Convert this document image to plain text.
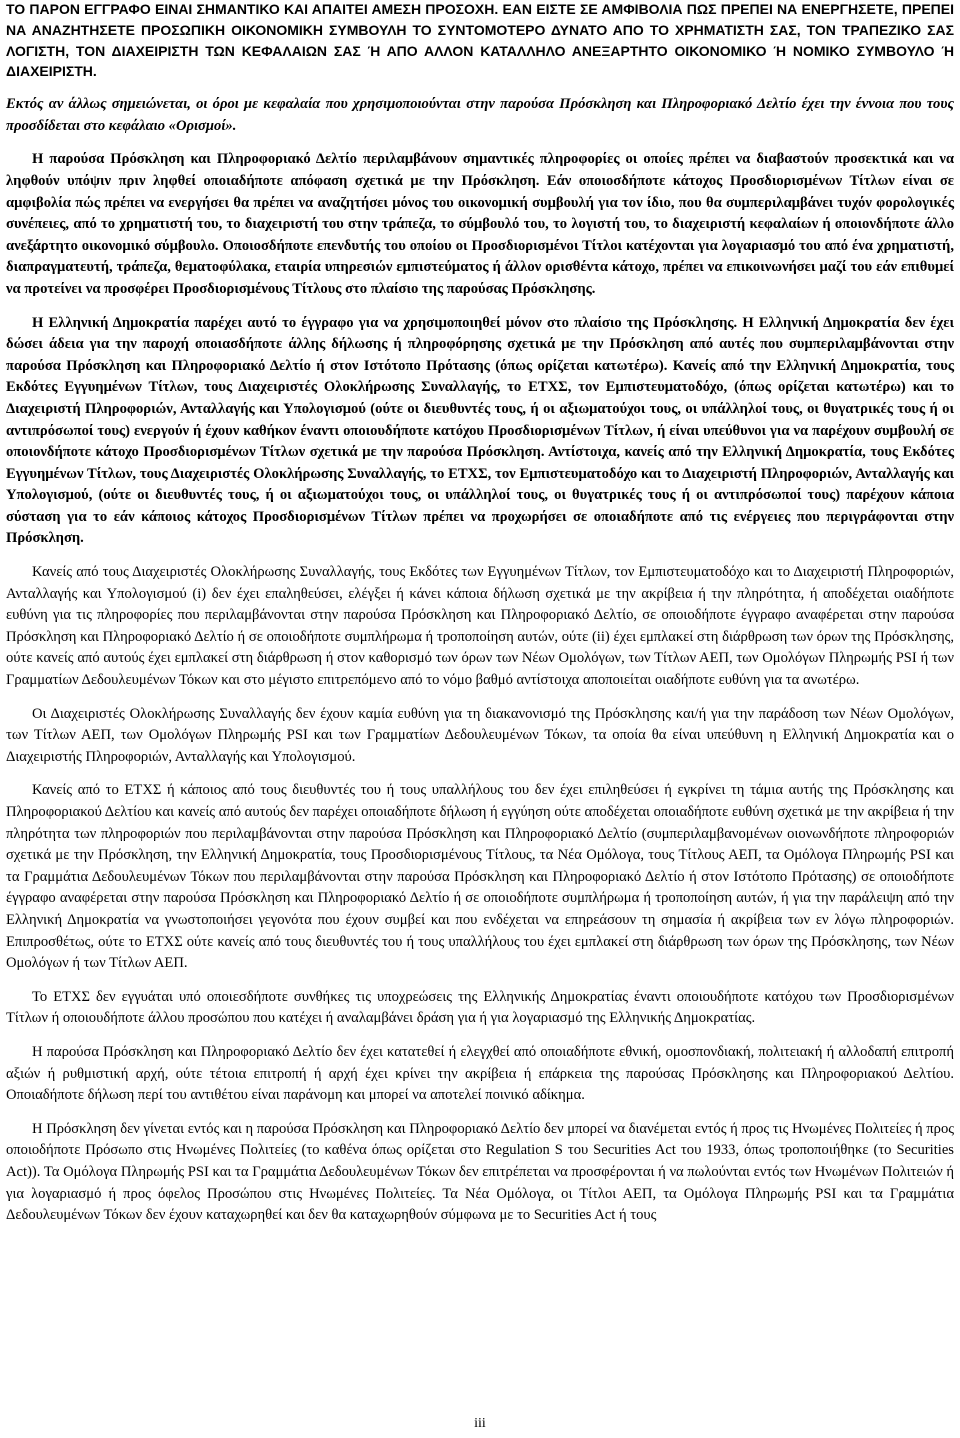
ΤΟ ΠΑΡΟΝ ΕΓΓΡΑΦΟ ΕΙΝΑΙ ΣΗΜΑΝΤΙΚΟ ΚΑΙ ΑΠΑΙΤΕΙ ΑΜΕΣΗ ΠΡΟΣΟΧΗ. ΕΑΝ ΕΙΣΤΕ ΣΕ ΑΜΦΙΒΟΛΙΑ ΠΩΣ ΠΡΕΠΕΙ ΝΑ ΕΝΕΡΓΗΣΕΤΕ, ΠΡΕΠΕΙ ΝΑ ΑΝΑΖΗΤΗΣΕΤΕ ΠΡΟΣΩΠΙΚΗ ΟΙΚΟΝΟΜΙΚΗ ΣΥΜΒΟΥΛΗ ΤΟ ΣΥΝΤΟΜΟΤΕΡΟ ΔΥΝΑΤΟ ΑΠΟ ΤΟ ΧΡΗΜΑΤΙΣΤΗ ΣΑΣ, ΤΟΝ ΤΡΑΠΕΖΙΚΟ ΣΑΣ ΛΟΓΙΣΤΗ, ΤΟΝ ΔΙΑΧΕΙΡΙΣΤΗ ΤΩΝ ΚΕΦΑΛΑΙΩΝ ΣΑΣ Ή ΑΠΟ ΑΛΛΟΝ ΚΑΤΑΛΛΗΛΟ ΑΝΕΞΑΡΤΗΤΟ ΟΙΚΟΝΟΜΙΚΟ Ή ΝΟΜΙΚΟ ΣΥΜΒΟΥΛΟ Ή ΔΙΑΧΕΙΡΙΣΤΗ.

Εκτός αν άλλως σημειώνεται, οι όροι με κεφαλαία που χρησιμοποιούνται στην παρούσα Πρόσκληση και Πληροφοριακό Δελτίο έχει την έννοια που τους προσδίδεται στο κεφάλαιο «Ορισμοί».

Η παρούσα Πρόσκληση και Πληροφοριακό Δελτίο περιλαμβάνουν σημαντικές πληροφορίες οι οποίες πρέπει να διαβαστούν προσεκτικά και να ληφθούν υπόψιν πριν ληφθεί οποιαδήποτε απόφαση σχετικά με την Πρόσκληση. Εάν οποιοσδήποτε κάτοχος Προσδιορισμένων Τίτλων είναι σε αμφιβολία πώς πρέπει να ενεργήσει θα πρέπει να αναζητήσει μόνος του οικονομική συμβουλή για τον ίδιο, που θα συμπεριλαμβάνει τυχόν φορολογικές συνέπειες, από το χρηματιστή του, το διαχειριστή του στην τράπεζα, το σύμβουλό του, το λογιστή του, το διαχειριστή κεφαλαίων ή οποιονδήποτε άλλο ανεξάρτητο οικονομικό σύμβουλο. Οποιοσδήποτε επενδυτής του οποίου οι Προσδιορισμένοι Τίτλοι κατέχονται για λογαριασμό του από ένα χρηματιστή, διαπραγματευτή, τράπεζα, θεματοφύλακα, εταιρία υπηρεσιών εμπιστεύματος ή άλλον ορισθέντα κάτοχο, πρέπει να επικοινωνήσει μαζί του εάν επιθυμεί να προτείνει να προσφέρει Προσδιορισμένους Τίτλους στο πλαίσιο της παρούσας Πρόσκλησης.

Η Ελληνική Δημοκρατία παρέχει αυτό το έγγραφο για να χρησιμοποιηθεί μόνον στο πλαίσιο της Πρόσκλησης. Η Ελληνική Δημοκρατία δεν έχει δώσει άδεια για την παροχή οποιασδήποτε άλλης δήλωσης ή πληροφόρησης σχετικά με την Πρόσκληση από αυτές που συμπεριλαμβάνονται στην παρούσα Πρόσκληση και Πληροφοριακό Δελτίο ή στον Ιστότοπο Πρότασης (όπως ορίζεται κατωτέρω). Κανείς από την Ελληνική Δημοκρατία, τους Εκδότες Εγγυημένων Τίτλων, τους Διαχειριστές Ολοκλήρωσης Συναλλαγής, το ΕΤΧΣ, τον Εμπιστευματοδόχο, (όπως ορίζεται κατωτέρω) και το Διαχειριστή Πληροφοριών, Ανταλλαγής και Υπολογισμού (ούτε οι διευθυντές τους, ή οι αξιωματούχοι τους, οι υπάλληλοί τους, οι θυγατρικές τους ή οι αντιπρόσωποί τους) ενεργούν ή έχουν καθήκον έναντι οποιουδήποτε κατόχου Προσδιορισμένων Τίτλων, ή είναι υπεύθυνοι για να παρέχουν συμβουλή σε οποιονδήποτε κάτοχο Προσδιορισμένων Τίτλων σχετικά με την παρούσα Πρόσκληση. Αντίστοιχα, κανείς από την Ελληνική Δημοκρατία, τους Εκδότες Εγγυημένων Τίτλων, τους Διαχειριστές Ολοκλήρωσης Συναλλαγής, το ΕΤΧΣ, τον Εμπιστευματοδόχο και το Διαχειριστή Πληροφοριών, Ανταλλαγής και Υπολογισμού, (ούτε οι διευθυντές τους, ή οι αξιωματούχοι τους, οι υπάλληλοί τους, οι θυγατρικές τους ή οι αντιπρόσωποί τους) παρέχουν κάποια σύσταση για το εάν κάποιος κάτοχος Προσδιορισμένων Τίτλων πρέπει να προχωρήσει σε οποιαδήποτε από τις ενέργειες που περιγράφονται στην Πρόσκληση.

Κανείς από τους Διαχειριστές Ολοκλήρωσης Συναλλαγής, τους Εκδότες των Εγγυημένων Τίτλων, τον Εμπιστευματοδόχο και το Διαχειριστή Πληροφοριών, Ανταλλαγής και Υπολογισμού (i) δεν έχει επαληθεύσει, ελέγξει ή κάνει κάποια δήλωση σχετικά με την ακρίβεια ή την πληρότητα, ή αποδέχεται οιαδήποτε ευθύνη για τις πληροφορίες που περιλαμβάνονται στην παρούσα Πρόσκληση και Πληροφοριακό Δελτίο, σε οποιοδήποτε έγγραφο αναφέρεται στην παρούσα Πρόσκληση και Πληροφοριακό Δελτίο ή σε οποιοδήποτε συμπλήρωμα ή τροποποίηση αυτών, ούτε (ii) έχει εμπλακεί στη διάρθρωση των όρων της Πρόσκλησης, ούτε κανείς από αυτούς έχει εμπλακεί στη διάρθρωση ή στον καθορισμό των όρων των Νέων Ομολόγων, των Τίτλων ΑΕΠ, των Ομολόγων Πληρωμής PSI ή των Γραμματίων Δεδουλευμένων Τόκων και στο μέγιστο επιτρεπόμενο από το νόμο βαθμό αντίστοιχα αποποιείται οιαδήποτε ευθύνη για τα ανωτέρω.

Οι Διαχειριστές Ολοκλήρωσης Συναλλαγής δεν έχουν καμία ευθύνη για τη διακανονισμό της Πρόσκλησης και/ή για την παράδοση των Νέων Ομολόγων, των Τίτλων ΑΕΠ, των Ομολόγων Πληρωμής PSI και των Γραμματίων Δεδουλευμένων Τόκων, τα οποία θα είναι υπεύθυνη η Ελληνική Δημοκρατία και ο Διαχειριστής Πληροφοριών, Ανταλλαγής και Υπολογισμού.

Κανείς από το ΕΤΧΣ ή κάποιος από τους διευθυντές του ή τους υπαλλήλους του δεν έχει επιληθεύσει ή εγκρίνει τη τάμια αυτής της Πρόσκλησης και Πληροφοριακού Δελτίου και κανείς από αυτούς δεν παρέχει οποιαδήποτε δήλωση ή εγγύηση ούτε αποδέχεται οποιαδήποτε ευθύνη σχετικά με την ακρίβεια ή την πληρότητα των πληροφοριών που περιλαμβάνονται στην παρούσα Πρόσκληση και Πληροφοριακό Δελτίο (συμπεριλαμβανομένων οιονωνδήποτε πληροφοριών σχετικά με την Πρόσκληση, την Ελληνική Δημοκρατία, τους Προσδιορισμένους Τίτλους, τα Νέα Ομόλογα, τους Τίτλους ΑΕΠ, τα Ομόλογα Πληρωμής PSI και τα Γραμμάτια Δεδουλευμένων Τόκων που περιλαμβάνονται στην παρούσα Πρόσκληση και Πληροφοριακό Δελτίο ή στον Ιστότοπο Πρότασης) σε οποιοδήποτε έγγραφο αναφέρεται στην παρούσα Πρόσκληση και Πληροφοριακό Δελτίο ή σε οποιοδήποτε συμπλήρωμα ή τροποποίηση αυτών, ή για την παράλειψη από την Ελληνική Δημοκρατία να γνωστοποιήσει γεγονότα που έχουν συμβεί και που ενδέχεται να επηρεάσουν τη σημασία ή ακρίβεια των εν λόγω πληροφοριών. Επιπροσθέτως, ούτε το ΕΤΧΣ ούτε κανείς από τους διευθυντές του ή τους υπαλλήλους του έχει εμπλακεί στη διάρθρωση των όρων της Πρόσκλησης, των Νέων Ομολόγων ή των Τίτλων ΑΕΠ.

Το ΕΤΧΣ δεν εγγυάται υπό οποιεσδήποτε συνθήκες τις υποχρεώσεις της Ελληνικής Δημοκρατίας έναντι οποιουδήποτε κατόχου των Προσδιορισμένων Τίτλων ή οποιουδήποτε άλλου προσώπου που κατέχει ή αναλαμβάνει δράση για ή για λογαριασμό της Ελληνικής Δημοκρατίας.

Η παρούσα Πρόσκληση και Πληροφοριακό Δελτίο δεν έχει κατατεθεί ή ελεγχθεί από οποιαδήποτε εθνική, ομοσπονδιακή, πολιτειακή ή αλλοδαπή επιτροπή αξιών ή ρυθμιστική αρχή, ούτε τέτοια επιτροπή ή αρχή έχει κρίνει την ακρίβεια ή επάρκεια της παρούσας Πρόσκλησης και Πληροφοριακού Δελτίου. Οποιαδήποτε δήλωση περί του αντιθέτου είναι παράνομη και μπορεί να αποτελεί ποινικό αδίκημα.

Η Πρόσκληση δεν γίνεται εντός και η παρούσα Πρόσκληση και Πληροφοριακό Δελτίο δεν μπορεί να διανέμεται εντός ή προς τις Ηνωμένες Πολιτείες ή προς οποιοδήποτε Πρόσωπο στις Ηνωμένες Πολιτείες (το καθένα όπως ορίζεται στο Regulation S του Securities Act του 1933, όπως τροποποιήθηκε (το Securities Act)). Τα Ομόλογα Πληρωμής PSI και τα Γραμμάτια Δεδουλευμένων Τόκων δεν επιτρέπεται να προσφέρονται ή να πωλούνται εντός των Ηνωμένων Πολιτειών ή για λογαριασμό ή προς όφελος Προσώπου στις Ηνωμένες Πολιτείες. Τα Νέα Ομόλογα, οι Τίτλοι ΑΕΠ, τα Ομόλογα Πληρωμής PSI και τα Γραμμάτια Δεδουλευμένων Τόκων δεν έχουν καταχωρηθεί και δεν θα καταχωρηθούν σύμφωνα με το Securities Act ή τους

iii
